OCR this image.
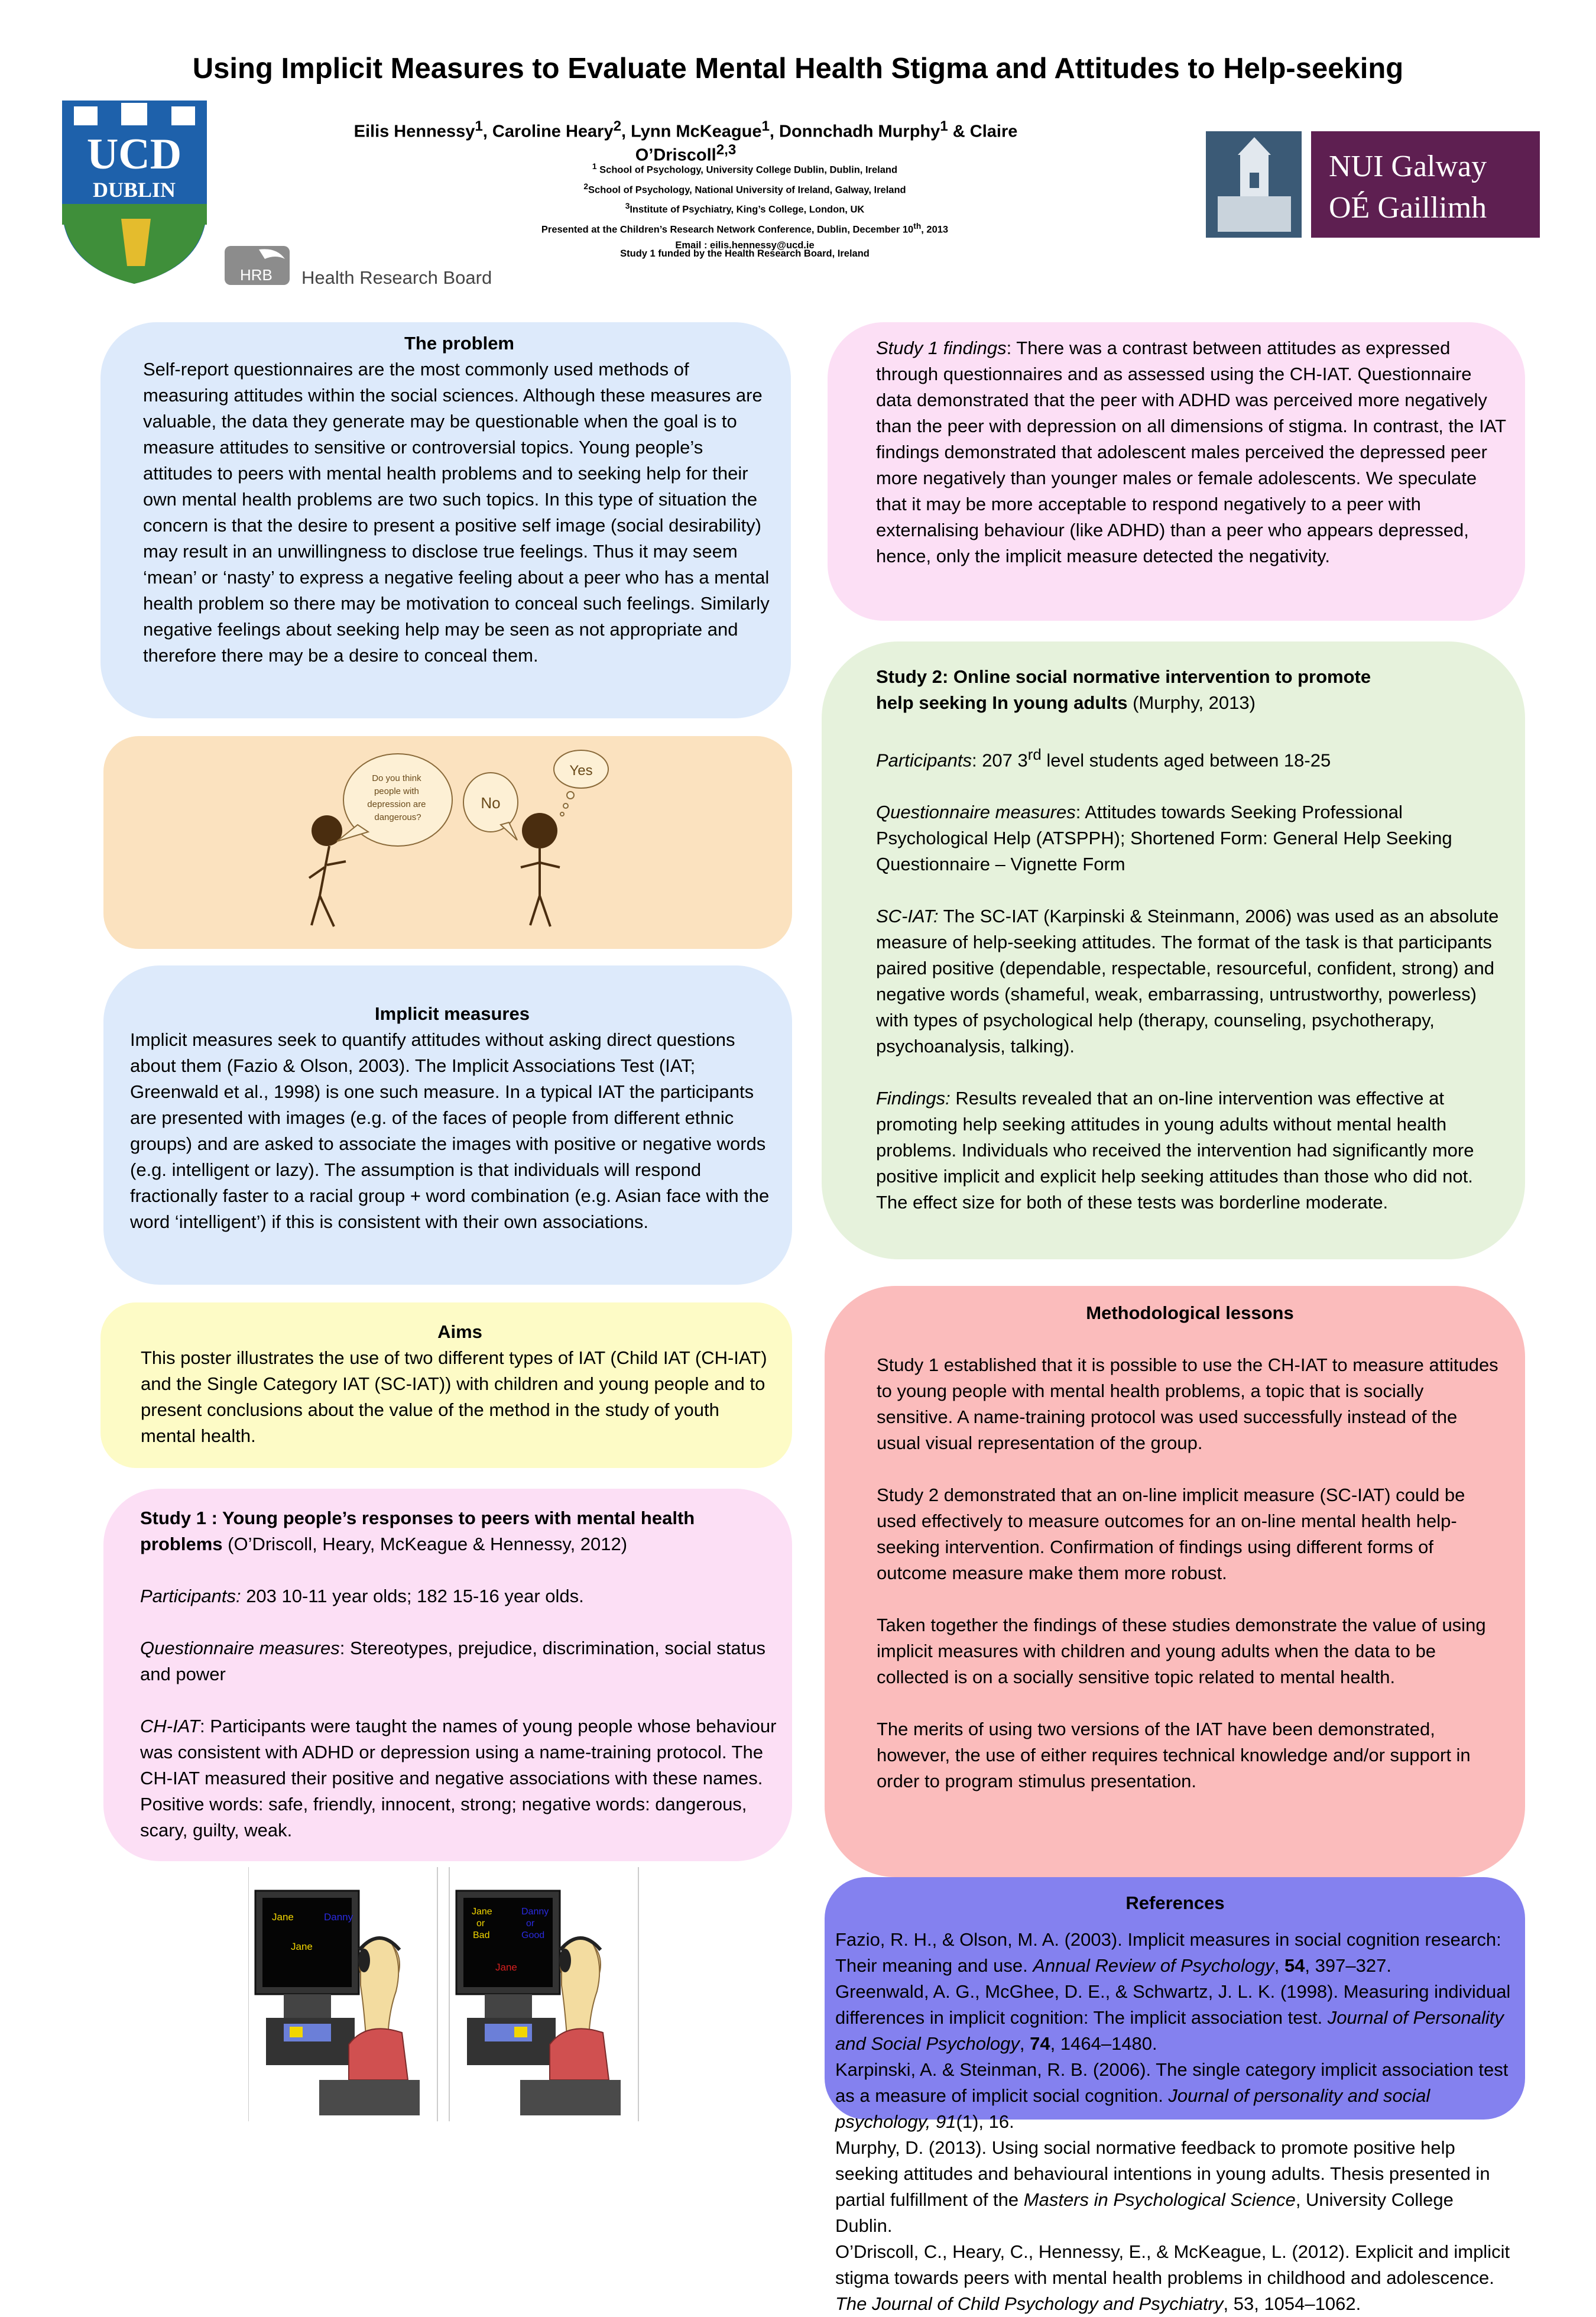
Using Implicit Measures to Evaluate Mental Health Stigma and Attitudes to Help-seeking
Eilis Hennessy$^1$, Caroline Heary$^2$, Lynn McKeague$^1$, Donnchadh Murphy$^1$ & Claire O’Driscoll$^{2,3}$
$^1$ School of Psychology, University College Dublin, Dublin, Ireland
$^2$School of Psychology, National University of Ireland, Galway, Ireland
$^3$Institute of Psychiatry, King’s College, London, UK
Presented at the Children’s Research Network Conference, Dublin, December 10th, 2013
Email : eilis.hennessy@ucd.ie
Study 1 funded by the Health Research Board, Ireland
UCD
DUBLIN
HRB Health Research Board
NUI Galway
OÉ Gaillimh
The problem
Self-report questionnaires are the most commonly used methods of measuring attitudes within the social sciences. Although these measures are valuable, the data they generate may be questionable when the goal is to measure attitudes to sensitive or controversial topics. Young people’s attitudes to peers with mental health problems and to seeking help for their own mental health problems are two such topics. In this type of situation the concern is that the desire to present a positive self image (social desirability) may result in an unwillingness to disclose true feelings. Thus it may seem ‘mean’ or ‘nasty’ to express a negative feeling about a peer who has a mental health problem so there may be motivation to conceal such feelings. Similarly negative feelings about seeking help may be seen as not appropriate and therefore there may be a desire to conceal them.
Do you think people with depression are dangerous?
No
Yes
Implicit measures
Implicit measures seek to quantify attitudes without asking direct questions about them (Fazio & Olson, 2003). The Implicit Associations Test (IAT; Greenwald et al., 1998) is one such measure. In a typical IAT the participants are presented with images (e.g. of the faces of people from different ethnic groups) and are asked to associate the images with positive or negative words (e.g. intelligent or lazy). The assumption is that individuals will respond fractionally faster to a racial group + word combination (e.g. Asian face with the word ‘intelligent’) if this is consistent with their own associations.
Aims
This poster illustrates the use of two different types of IAT (Child IAT (CH-IAT) and the Single Category IAT (SC-IAT)) with children and young people and to present conclusions about the value of the method in the study of youth mental health.
Study 1 : Young people’s responses to peers with mental health problems (O’Driscoll, Heary, McKeague & Hennessy, 2012)
Participants: 203 10-11 year olds; 182 15-16 year olds.
Questionnaire measures: Stereotypes, prejudice, discrimination, social status and power
CH-IAT: Participants were taught the names of young people whose behaviour was consistent with ADHD or depression using a name-training protocol. The CH-IAT measured their positive and negative associations with these names. Positive words: safe, friendly, innocent, strong; negative words: dangerous, scary, guilty, weak.
Jane	Danny
Jane
Jane
or
Bad
Danny
or
Good
Jane
Study 1 findings: There was a contrast between attitudes as expressed through questionnaires and as assessed using the CH-IAT. Questionnaire data demonstrated that the peer with ADHD was perceived more negatively than the peer with depression on all dimensions of stigma. In contrast, the IAT findings demonstrated that adolescent males perceived the depressed peer more negatively than younger males or female adolescents. We speculate that it may be more acceptable to respond negatively to a peer with externalising behaviour (like ADHD) than a peer who appears depressed, hence, only the implicit measure detected the negativity.
Study 2: Online social normative intervention to promote
help seeking In young adults (Murphy, 2013)
Participants: 207 3rd level students aged between 18-25
Questionnaire measures: Attitudes towards Seeking Professional Psychological Help (ATSPPH); Shortened Form: General Help Seeking Questionnaire – Vignette Form
SC-IAT: The SC-IAT (Karpinski & Steinmann, 2006) was used as an absolute measure of help-seeking attitudes. The format of the task is that participants paired positive (dependable, respectable, resourceful, confident, strong) and negative words (shameful, weak, embarrassing, untrustworthy, powerless) with types of psychological help (therapy, counseling, psychotherapy, psychoanalysis, talking).
Findings: Results revealed that an on-line intervention was effective at promoting help seeking attitudes in young adults without mental health problems. Individuals who received the intervention had significantly more positive implicit and explicit help seeking attitudes than those who did not. The effect size for both of these tests was borderline moderate.
Methodological lessons
Study 1 established that it is possible to use the CH-IAT to measure attitudes to young people with mental health problems, a topic that is socially sensitive. A name-training protocol was used successfully instead of the usual visual representation of the group.
Study 2 demonstrated that an on-line implicit measure (SC-IAT) could be used effectively to measure outcomes for an on-line mental health help-seeking intervention. Confirmation of findings using different forms of outcome measure make them more robust.
Taken together the findings of these studies demonstrate the value of using implicit measures with children and young adults when the data to be collected is on a socially sensitive topic related to mental health.
The merits of using two versions of the IAT have been demonstrated, however, the use of either requires technical knowledge and/or support in order to program stimulus presentation.
References
Fazio, R. H., & Olson, M. A. (2003). Implicit measures in social cognition research: Their meaning and use. Annual Review of Psychology, 54, 397–327.
Greenwald, A. G., McGhee, D. E., & Schwartz, J. L. K. (1998). Measuring individual differences in implicit cognition: The implicit association test. Journal of Personality and Social Psychology, 74, 1464–1480.
Karpinski, A. & Steinman, R. B. (2006). The single category implicit association test as a measure of implicit social cognition. Journal of personality and social psychology, 91(1), 16.
Murphy, D. (2013). Using social normative feedback to promote positive help seeking attitudes and behavioural intentions in young adults. Thesis presented in partial fulfillment of the Masters in Psychological Science, University College Dublin.
O’Driscoll, C., Heary, C., Hennessy, E., & McKeague, L. (2012). Explicit and implicit stigma towards peers with mental health problems in childhood and adolescence. The Journal of Child Psychology and Psychiatry, 53, 1054–1062.
